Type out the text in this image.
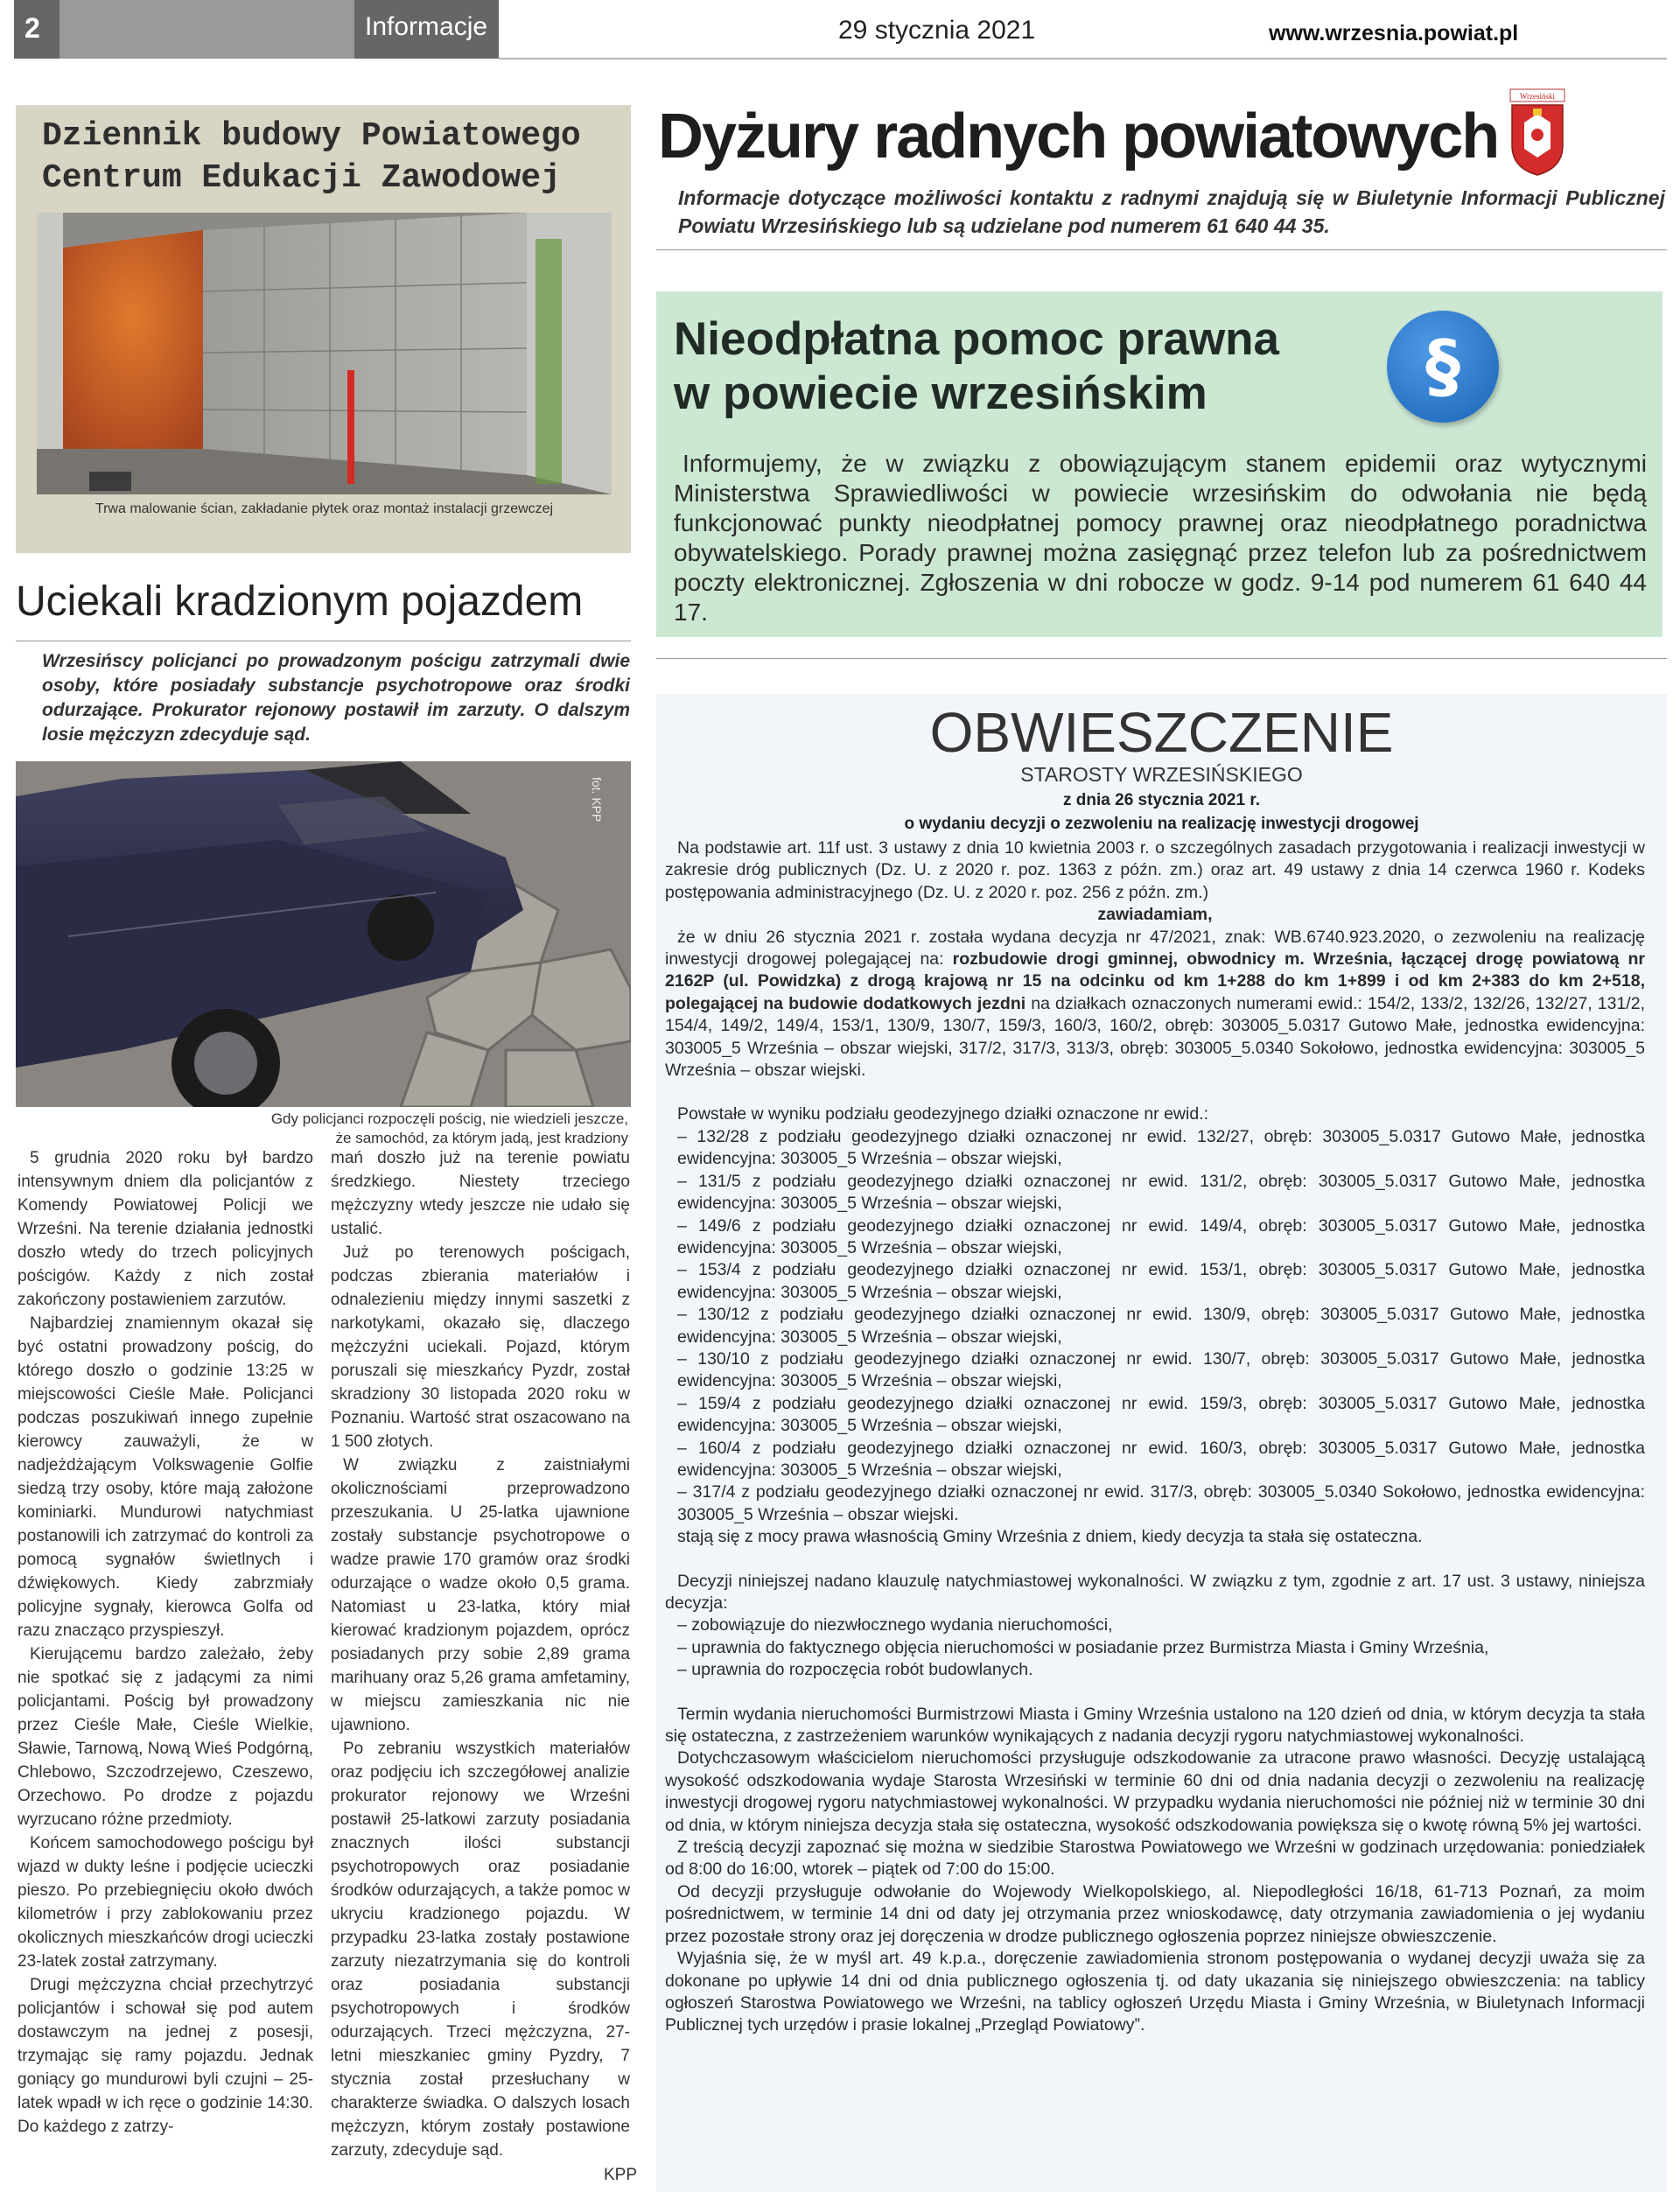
2	Informacje	29 stycznia 2021	www.wrzesnia.powiat.pl
Dziennik budowy Powiatowego
Centrum Edukacji Zawodowej
Trwa malowanie ścian, zakładanie płytek oraz montaż instalacji grzewczej
Uciekali kradzionym pojazdem
Wrzesińscy policjanci po prowadzonym pościgu zatrzymali dwie osoby, które posiadały substancje psychotropowe oraz środki odurzające. Prokurator rejonowy postawił im zarzuty. O dalszym losie mężczyzn zdecyduje sąd.
fot. KPP
Gdy policjanci rozpoczęli pościg, nie wiedzieli jeszcze,
że samochód, za którym jadą, jest kradziony

5 grudnia 2020 roku był bardzo intensywnym dniem dla policjantów z Komendy Powiatowej Policji we Wrześni. Na terenie działania jednostki doszło wtedy do trzech policyjnych pościgów. Każdy z nich został zakończony postawieniem zarzutów.

Najbardziej znamiennym okazał się być ostatni prowadzony pościg, do którego doszło o godzinie 13:25 w miejscowości Cieśle Małe. Policjanci podczas poszukiwań innego zupełnie kierowcy zauważyli, że w nadjeżdżającym Volkswagenie Golfie siedzą trzy osoby, które mają założone kominiarki. Mundurowi natychmiast postanowili ich zatrzymać do kontroli za pomocą sygnałów świetlnych i dźwiękowych. Kiedy zabrzmiały policyjne sygnały, kierowca Golfa od razu znacząco przyspieszył.

Kierującemu bardzo zależało, żeby nie spotkać się z jadącymi za nimi policjantami. Pościg był prowadzony przez Cieśle Małe, Cieśle Wielkie, Sławie, Tarnową, Nową Wieś Podgórną, Chlebowo, Szczodrzejewo, Czeszewo, Orzechowo. Po drodze z pojazdu wyrzucano różne przedmioty.

Końcem samochodowego pościgu był wjazd w dukty leśne i podjęcie ucieczki pieszo. Po przebiegnięciu około dwóch kilometrów i przy zablokowaniu przez okolicznych mieszkańców drogi ucieczki 23-latek został zatrzymany.

Drugi mężczyzna chciał przechytrzyć policjantów i schował się pod autem dostawczym na jednej z posesji, trzymając się ramy pojazdu. Jednak goniący go mundurowi byli czujni – 25-latek wpadł w ich ręce o godzinie 14:30. Do każdego z zatrzy-

mań doszło już na terenie powiatu średzkiego. Niestety trzeciego mężczyzny wtedy jeszcze nie udało się ustalić.

Już po terenowych pościgach, podczas zbierania materiałów i odnalezieniu między innymi saszetki z narkotykami, okazało się, dlaczego mężczyźni uciekali. Pojazd, którym poruszali się mieszkańcy Pyzdr, został skradziony 30 listopada 2020 roku w Poznaniu. Wartość strat oszacowano na 1 500 złotych.

W związku z zaistniałymi okolicznościami przeprowadzono przeszukania. U 25-latka ujawnione zostały substancje psychotropowe o wadze prawie 170 gramów oraz środki odurzające o wadze około 0,5 grama. Natomiast u 23-latka, który miał kierować kradzionym pojazdem, oprócz posiadanych przy sobie 2,89 grama marihuany oraz 5,26 grama amfetaminy, w miejscu zamieszkania nic nie ujawniono.

Po zebraniu wszystkich materiałów oraz podjęciu ich szczegółowej analizie prokurator rejonowy we Wrześni postawił 25-latkowi zarzuty posiadania znacznych ilości substancji psychotropowych oraz posiadanie środków odurzających, a także pomoc w ukryciu kradzionego pojazdu. W przypadku 23-latka zostały postawione zarzuty niezatrzymania się do kontroli oraz posiadania substancji psychotropowych i środków odurzających. Trzeci mężczyzna, 27-letni mieszkaniec gminy Pyzdry, 7 stycznia został przesłuchany w charakterze świadka. O dalszych losach mężczyzn, którym zostały postawione zarzuty, zdecyduje sąd.

KPP
Dyżury radnych powiatowych
Wrzesiński
Informacje dotyczące możliwości kontaktu z radnymi znajdują się w Biuletynie Informacji Publicznej Powiatu Wrzesińskiego lub są udzielane pod numerem 61 640 44 35.
Nieodpłatna pomoc prawna
w powiecie wrzesińskim	§
Informujemy, że w związku z obowiązującym stanem epidemii oraz wytycznymi Ministerstwa Sprawiedliwości w powiecie wrzesińskim do odwołania nie będą funkcjonować punkty nieodpłatnej pomocy prawnej oraz nieodpłatnego poradnictwa obywatelskiego. Porady prawnej można zasięgnąć przez telefon lub za pośrednictwem poczty elektronicznej. Zgłoszenia w dni robocze w godz. 9-14 pod numerem 61 640 44 17.
OBWIESZCZENIE
STAROSTY WRZESIŃSKIEGO
z dnia 26 stycznia 2021 r.
o wydaniu decyzji o zezwoleniu na realizację inwestycji drogowej

Na podstawie art. 11f ust. 3 ustawy z dnia 10 kwietnia 2003 r. o szczególnych zasadach przygotowania i realizacji inwestycji w zakresie dróg publicznych (Dz. U. z 2020 r. poz. 1363 z późn. zm.) oraz art. 49 ustawy z dnia 14 czerwca 1960 r. Kodeks postępowania administracyjnego (Dz. U. z 2020 r. poz. 256 z późn. zm.)

zawiadamiam,

że w dniu 26 stycznia 2021 r. została wydana decyzja nr 47/2021, znak: WB.6740.923.2020, o zezwoleniu na realizację inwestycji drogowej polegającej na: rozbudowie drogi gminnej, obwodnicy m. Września, łączącej drogę powiatową nr 2162P (ul. Powidzka) z drogą krajową nr 15 na odcinku od km 1+288 do km 1+899 i od km 2+383 do km 2+518, polegającej na budowie dodatkowych jezdni na działkach oznaczonych numerami ewid.: 154/2, 133/2, 132/26, 132/27, 131/2, 154/4, 149/2, 149/4, 153/1, 130/9, 130/7, 159/3, 160/3, 160/2, obręb: 303005_5.0317 Gutowo Małe, jednostka ewidencyjna: 303005_5 Września – obszar wiejski, 317/2, 317/3, 313/3, obręb: 303005_5.0340 Sokołowo, jednostka ewidencyjna: 303005_5 Września – obszar wiejski.

Powstałe w wyniku podziału geodezyjnego działki oznaczone nr ewid.:

– 132/28 z podziału geodezyjnego działki oznaczonej nr ewid. 132/27, obręb: 303005_5.0317 Gutowo Małe, jednostka ewidencyjna: 303005_5 Września – obszar wiejski,

– 131/5 z podziału geodezyjnego działki oznaczonej nr ewid. 131/2, obręb: 303005_5.0317 Gutowo Małe, jednostka ewidencyjna: 303005_5 Września – obszar wiejski,

– 149/6 z podziału geodezyjnego działki oznaczonej nr ewid. 149/4, obręb: 303005_5.0317 Gutowo Małe, jednostka ewidencyjna: 303005_5 Września – obszar wiejski,

– 153/4 z podziału geodezyjnego działki oznaczonej nr ewid. 153/1, obręb: 303005_5.0317 Gutowo Małe, jednostka ewidencyjna: 303005_5 Września – obszar wiejski,

– 130/12 z podziału geodezyjnego działki oznaczonej nr ewid. 130/9, obręb: 303005_5.0317 Gutowo Małe, jednostka ewidencyjna: 303005_5 Września – obszar wiejski,

– 130/10 z podziału geodezyjnego działki oznaczonej nr ewid. 130/7, obręb: 303005_5.0317 Gutowo Małe, jednostka ewidencyjna: 303005_5 Września – obszar wiejski,

– 159/4 z podziału geodezyjnego działki oznaczonej nr ewid. 159/3, obręb: 303005_5.0317 Gutowo Małe, jednostka ewidencyjna: 303005_5 Września – obszar wiejski,

– 160/4 z podziału geodezyjnego działki oznaczonej nr ewid. 160/3, obręb: 303005_5.0317 Gutowo Małe, jednostka ewidencyjna: 303005_5 Września – obszar wiejski,

– 317/4 z podziału geodezyjnego działki oznaczonej nr ewid. 317/3, obręb: 303005_5.0340 Sokołowo, jednostka ewidencyjna: 303005_5 Września – obszar wiejski.

stają się z mocy prawa własnością Gminy Września z dniem, kiedy decyzja ta stała się ostateczna.

Decyzji niniejszej nadano klauzulę natychmiastowej wykonalności. W związku z tym, zgodnie z art. 17 ust. 3 ustawy, niniejsza decyzja:

– zobowiązuje do niezwłocznego wydania nieruchomości,

– uprawnia do faktycznego objęcia nieruchomości w posiadanie przez Burmistrza Miasta i Gminy Września,

– uprawnia do rozpoczęcia robót budowlanych.

Termin wydania nieruchomości Burmistrzowi Miasta i Gminy Września ustalono na 120 dzień od dnia, w którym decyzja ta stała się ostateczna, z zastrzeżeniem warunków wynikających z nadania decyzji rygoru natychmiastowej wykonalności.

Dotychczasowym właścicielom nieruchomości przysługuje odszkodowanie za utracone prawo własności. Decyzję ustalającą wysokość odszkodowania wydaje Starosta Wrzesiński w terminie 60 dni od dnia nadania decyzji o zezwoleniu na realizację inwestycji drogowej rygoru natychmiastowej wykonalności. W przypadku wydania nieruchomości nie później niż w terminie 30 dni od dnia, w którym niniejsza decyzja stała się ostateczna, wysokość odszkodowania powiększa się o kwotę równą 5% jej wartości.

Z treścią decyzji zapoznać się można w siedzibie Starostwa Powiatowego we Wrześni w godzinach urzędowania: poniedziałek od 8:00 do 16:00, wtorek – piątek od 7:00 do 15:00.

Od decyzji przysługuje odwołanie do Wojewody Wielkopolskiego, al. Niepodległości 16/18, 61-713 Poznań, za moim pośrednictwem, w terminie 14 dni od daty jej otrzymania przez wnioskodawcę, daty otrzymania zawiadomienia o jej wydaniu przez pozostałe strony oraz jej doręczenia w drodze publicznego ogłoszenia poprzez niniejsze obwieszczenie.

Wyjaśnia się, że w myśl art. 49 k.p.a., doręczenie zawiadomienia stronom postępowania o wydanej decyzji uważa się za dokonane po upływie 14 dni od dnia publicznego ogłoszenia tj. od daty ukazania się niniejszego obwieszczenia: na tablicy ogłoszeń Starostwa Powiatowego we Wrześni, na tablicy ogłoszeń Urzędu Miasta i Gminy Września, w Biuletynach Informacji Publicznej tych urzędów i prasie lokalnej „Przegląd Powiatowy”.
